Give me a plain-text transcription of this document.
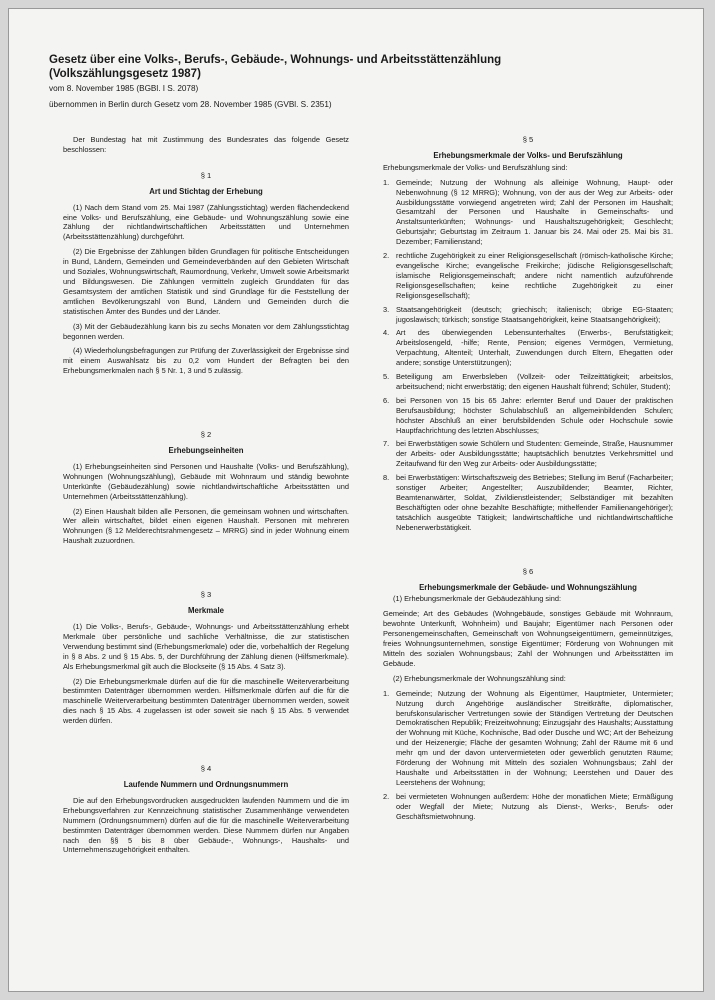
Gesetz über eine Volks-, Berufs-, Gebäude-, Wohnungs- und Arbeitsstättenzählung
(Volkszählungsgesetz 1987)

vom 8. November 1985 (BGBl. I S. 2078)

übernommen in Berlin durch Gesetz vom 28. November 1985 (GVBl. S. 2351)

Der Bundestag hat mit Zustimmung des Bundesrates das folgende Gesetz beschlossen:

§ 1

Art und Stichtag der Erhebung

(1) Nach dem Stand vom 25. Mai 1987 (Zählungsstichtag) werden flächendeckend eine Volks- und Berufszählung, eine Gebäude- und Wohnungszählung sowie eine Zählung der nichtlandwirtschaftlichen Arbeitsstätten und Unternehmen (Arbeitsstättenzählung) durchgeführt.

(2) Die Ergebnisse der Zählungen bilden Grundlagen für politische Entscheidungen in Bund, Ländern, Gemeinden und Gemeindeverbänden auf den Gebieten Wirtschaft und Soziales, Wohnungswirtschaft, Raumordnung, Verkehr, Umwelt sowie Arbeitsmarkt und Bildungswesen. Die Zählungen vermitteln zugleich Grunddaten für das Gesamtsystem der amtlichen Statistik und sind Grundlage für die Feststellung der amtlichen Bevölkerungszahl von Bund, Ländern und Gemeinden durch die statistischen Ämter des Bundes und der Länder.

(3) Mit der Gebäudezählung kann bis zu sechs Monaten vor dem Zählungsstichtag begonnen werden.

(4) Wiederholungsbefragungen zur Prüfung der Zuverlässigkeit der Ergebnisse sind mit einem Auswahlsatz bis zu 0,2 vom Hundert der Befragten bei den Erhebungsmerkmalen nach § 5 Nr. 1, 3 und 5 zulässig.

§ 2

Erhebungseinheiten

(1) Erhebungseinheiten sind Personen und Haushalte (Volks- und Berufszählung), Wohnungen (Wohnungszählung), Gebäude mit Wohnraum und ständig bewohnte Unterkünfte (Gebäudezählung) sowie nichtlandwirtschaftliche Arbeitsstätten und Unternehmen (Arbeitsstättenzählung).

(2) Einen Haushalt bilden alle Personen, die gemeinsam wohnen und wirtschaften. Wer allein wirtschaftet, bildet einen eigenen Haushalt. Personen mit mehreren Wohnungen (§ 12 Melderechtsrahmengesetz – MRRG) sind in jeder Wohnung einem Haushalt zuzuordnen.

§ 3

Merkmale

(1) Die Volks-, Berufs-, Gebäude-, Wohnungs- und Arbeitsstättenzählung erhebt Merkmale über persönliche und sachliche Verhältnisse, die zur statistischen Verwendung bestimmt sind (Erhebungsmerkmale) oder die, vorbehaltlich der Regelung in § 8 Abs. 2 und § 15 Abs. 5, der Durchführung der Zählung dienen (Hilfsmerkmale). Als Erhebungsmerkmal gilt auch die Blockseite (§ 15 Abs. 4 Satz 3).

(2) Die Erhebungsmerkmale dürfen auf die für die maschinelle Weiterverarbeitung bestimmten Datenträger übernommen werden. Hilfsmerkmale dürfen auf die für die maschinelle Weiterverarbeitung bestimmten Datenträger übernommen werden, soweit dies nach § 15 Abs. 4 zugelassen ist oder soweit sie nach § 15 Abs. 5 verwendet werden dürfen.

§ 4

Laufende Nummern und Ordnungsnummern

Die auf den Erhebungsvordrucken ausgedruckten laufenden Nummern und die im Erhebungsverfahren zur Kennzeichnung statistischer Zusammenhänge verwendeten Nummern (Ordnungsnummern) dürfen auf die für die maschinelle Weiterverarbeitung bestimmten Datenträger übernommen werden. Diese Nummern dürfen nur Angaben nach den §§ 5 bis 8 über Gebäude-, Wohnungs-, Haushalts- und Unternehmenszugehörigkeit enthalten.

§ 5

Erhebungsmerkmale der Volks- und Berufszählung

Erhebungsmerkmale der Volks- und Berufszählung sind:

1. Gemeinde; Nutzung der Wohnung als alleinige Wohnung, Haupt- oder Nebenwohnung (§ 12 MRRG); Wohnung, von der aus der Weg zur Arbeits- oder Ausbildungsstätte vorwiegend angetreten wird; Zahl der Personen im Haushalt; Gesamtzahl der Personen und Haushalte in Gemeinschafts- und Anstaltsunterkünften; Wohnungs- und Haushaltszugehörigkeit; Geschlecht; Geburtsjahr; Geburtstag im Zeitraum 1. Januar bis 24. Mai oder 25. Mai bis 31. Dezember; Familienstand;
2. rechtliche Zugehörigkeit zu einer Religionsgesellschaft (römisch-katholische Kirche; evangelische Kirche; evangelische Freikirche; jüdische Religionsgesellschaft; islamische Religionsgemeinschaft; andere nicht namentlich aufzuführende Religionsgesellschaften; keine rechtliche Zugehörigkeit zu einer Religionsgesellschaft);
3. Staatsangehörigkeit (deutsch; griechisch; italienisch; übrige EG-Staaten; jugoslawisch; türkisch; sonstige Staatsangehörigkeit, keine Staatsangehörigkeit);
4. Art des überwiegenden Lebensunterhaltes (Erwerbs-, Berufstätigkeit; Arbeitslosengeld, -hilfe; Rente, Pension; eigenes Vermögen, Vermietung, Verpachtung, Altenteil; Unterhalt, Zuwendungen durch Eltern, Ehegatten oder andere; sonstige Unterstützungen);
5. Beteiligung am Erwerbsleben (Vollzeit- oder Teilzeittätigkeit; arbeitslos, arbeitsuchend; nicht erwerbstätig; den eigenen Haushalt führend; Schüler, Student);
6. bei Personen von 15 bis 65 Jahre: erlernter Beruf und Dauer der praktischen Berufsausbildung; höchster Schulabschluß an allgemeinbildenden Schulen; höchster Abschluß an einer berufsbildenden Schule oder Hochschule sowie Hauptfachrichtung des letzten Abschlusses;
7. bei Erwerbstätigen sowie Schülern und Studenten: Gemeinde, Straße, Hausnummer der Arbeits- oder Ausbildungsstätte; hauptsächlich benutztes Verkehrsmittel und Zeitaufwand für den Weg zur Arbeits- oder Ausbildungsstätte;
8. bei Erwerbstätigen: Wirtschaftszweig des Betriebes; Stellung im Beruf (Facharbeiter; sonstiger Arbeiter; Angestellter; Auszubildender; Beamter, Richter, Beamtenanwärter, Soldat, Zivildienstleistender; Selbständiger mit bezahlten Beschäftigten oder ohne bezahlte Beschäftigte; mithelfender Familienangehöriger); tatsächlich ausgeübte Tätigkeit; landwirtschaftliche und nichtlandwirtschaftliche Nebenerwerbstätigkeit.

§ 6

Erhebungsmerkmale der Gebäude- und Wohnungszählung

(1) Erhebungsmerkmale der Gebäudezählung sind:

Gemeinde; Art des Gebäudes (Wohngebäude, sonstiges Gebäude mit Wohnraum, bewohnte Unterkunft, Wohnheim) und Baujahr; Eigentümer nach Personen oder Personengemeinschaften, Gemeinschaft von Wohnungseigentümern, gemeinnütziges, freies Wohnungsunternehmen, sonstige Eigentümer; Förderung von Wohnungen mit Mitteln des sozialen Wohnungsbaus; Zahl der Wohnungen und Arbeitsstätten im Gebäude.

(2) Erhebungsmerkmale der Wohnungszählung sind:

1. Gemeinde; Nutzung der Wohnung als Eigentümer, Hauptmieter, Untermieter; Nutzung durch Angehörige ausländischer Streitkräfte, diplomatischer, berufskonsularischer Vertretungen sowie der Ständigen Vertretung der Deutschen Demokratischen Republik; Freizeitwohnung; Einzugsjahr des Haushalts; Ausstattung der Wohnung mit Küche, Kochnische, Bad oder Dusche und WC; Art der Beheizung und der Heizenergie; Fläche der gesamten Wohnung; Zahl der Räume mit 6 und mehr qm und der davon untervermieteten oder gewerblich genutzten Räume; Förderung der Wohnung mit Mitteln des sozialen Wohnungsbaus; Zahl der Haushalte und Arbeitsstätten in der Wohnung; Leerstehen und Dauer des Leerstehens der Wohnung;
2. bei vermieteten Wohnungen außerdem: Höhe der monatlichen Miete; Ermäßigung oder Wegfall der Miete; Nutzung als Dienst-, Werks-, Berufs- oder Geschäftsmietwohnung.
